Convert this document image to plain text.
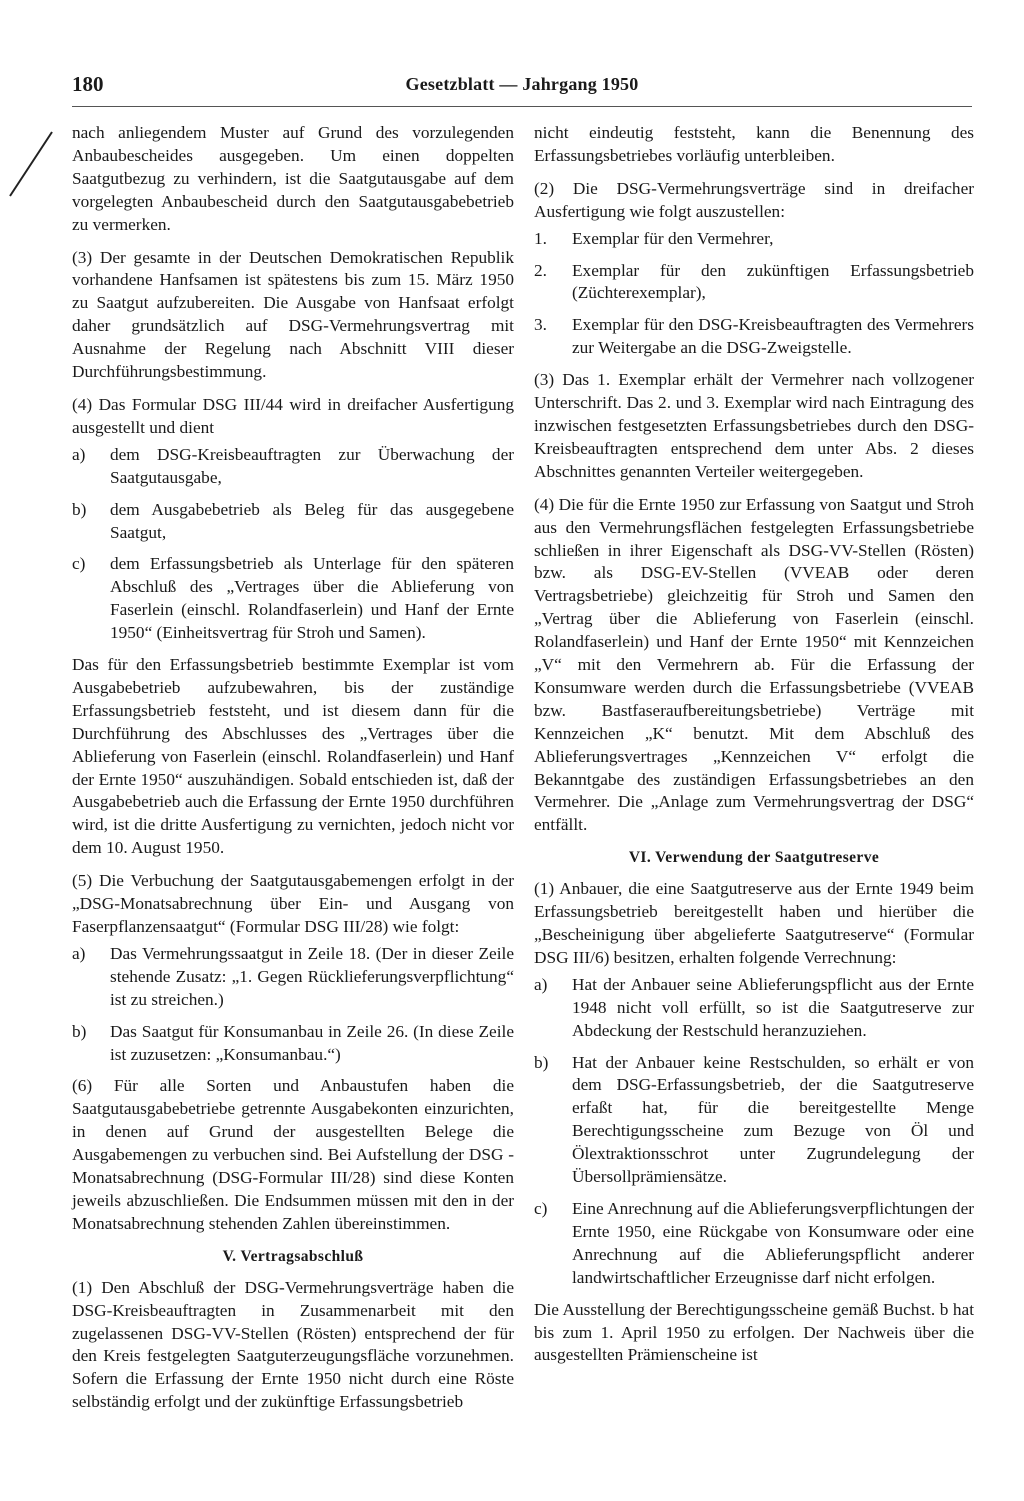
Gesetzblatt — Jahrgang 1950
180

nach anliegendem Muster auf Grund des vorzulegenden Anbaubescheides ausgegeben. Um einen doppelten Saatgutbezug zu verhindern, ist die Saatgutausgabe auf dem vorgelegten Anbaubescheid durch den Saatgutausgabebetrieb zu vermerken.

(3) Der gesamte in der Deutschen Demokratischen Republik vorhandene Hanfsamen ist spätestens bis zum 15. März 1950 zu Saatgut aufzubereiten. Die Ausgabe von Hanfsaat erfolgt daher grundsätzlich auf DSG-Vermehrungsvertrag mit Ausnahme der Regelung nach Abschnitt VIII dieser Durchführungsbestimmung.

(4) Das Formular DSG III/44 wird in dreifacher Ausfertigung ausgestellt und dient

a)	dem DSG-Kreisbeauftragten zur Überwachung der Saatgutausgabe,
b)	dem Ausgabebetrieb als Beleg für das ausgegebene Saatgut,
c)	dem Erfassungsbetrieb als Unterlage für den späteren Abschluß des „Vertrages über die Ablieferung von Faserlein (einschl. Rolandfaserlein) und Hanf der Ernte 1950“ (Einheitsvertrag für Stroh und Samen).

Das für den Erfassungsbetrieb bestimmte Exemplar ist vom Ausgabebetrieb aufzubewahren, bis der zuständige Erfassungsbetrieb feststeht, und ist diesem dann für die Durchführung des Abschlusses des „Vertrages über die Ablieferung von Faserlein (einschl. Rolandfaserlein) und Hanf der Ernte 1950“ auszuhändigen. Sobald entschieden ist, daß der Ausgabebetrieb auch die Erfassung der Ernte 1950 durchführen wird, ist die dritte Ausfertigung zu vernichten, jedoch nicht vor dem 10. August 1950.

(5) Die Verbuchung der Saatgutausgabemengen erfolgt in der „DSG-Monatsabrechnung über Ein- und Ausgang von Faserpflanzensaatgut“ (Formular DSG III/28) wie folgt:

a)	Das Vermehrungssaatgut in Zeile 18. (Der in dieser Zeile stehende Zusatz: „1. Gegen Rücklieferungsverpflichtung“ ist zu streichen.)
b)	Das Saatgut für Konsumanbau in Zeile 26. (In diese Zeile ist zuzusetzen: „Konsumanbau.“)

(6) Für alle Sorten und Anbaustufen haben die Saatgutausgabebetriebe getrennte Ausgabekonten einzurichten, in denen auf Grund der ausgestellten Belege die Ausgabemengen zu verbuchen sind. Bei Aufstellung der DSG - Monatsabrechnung (DSG-Formular III/28) sind diese Konten jeweils abzuschließen. Die Endsummen müssen mit den in der Monatsabrechnung stehenden Zahlen übereinstimmen.

V. Vertragsabschluß

(1) Den Abschluß der DSG-Vermehrungsverträge haben die DSG-Kreisbeauftragten in Zusammenarbeit mit den zugelassenen DSG-VV-Stellen (Rösten) entsprechend der für den Kreis festgelegten Saatguterzeugungsfläche vorzunehmen. Sofern die Erfassung der Ernte 1950 nicht durch eine Röste selbständig erfolgt und der zukünftige Erfassungsbetrieb

nicht eindeutig feststeht, kann die Benennung des Erfassungsbetriebes vorläufig unterbleiben.

(2) Die DSG-Vermehrungsverträge sind in dreifacher Ausfertigung wie folgt auszustellen:

1.	Exemplar für den Vermehrer,
2.	Exemplar für den zukünftigen Erfassungsbetrieb (Züchterexemplar),
3.	Exemplar für den DSG-Kreisbeauftragten des Vermehrers zur Weitergabe an die DSG-Zweigstelle.

(3) Das 1. Exemplar erhält der Vermehrer nach vollzogener Unterschrift. Das 2. und 3. Exemplar wird nach Eintragung des inzwischen festgesetzten Erfassungsbetriebes durch den DSG-Kreisbeauftragten entsprechend dem unter Abs. 2 dieses Abschnittes genannten Verteiler weitergegeben.

(4) Die für die Ernte 1950 zur Erfassung von Saatgut und Stroh aus den Vermehrungsflächen festgelegten Erfassungsbetriebe schließen in ihrer Eigenschaft als DSG-VV-Stellen (Rösten) bzw. als DSG-EV-Stellen (VVEAB oder deren Vertragsbetriebe) gleichzeitig für Stroh und Samen den „Vertrag über die Ablieferung von Faserlein (einschl. Rolandfaserlein) und Hanf der Ernte 1950“ mit Kennzeichen „V“ mit den Vermehrern ab. Für die Erfassung der Konsumware werden durch die Erfassungsbetriebe (VVEAB bzw. Bastfaseraufbereitungsbetriebe) Verträge mit Kennzeichen „K“ benutzt. Mit dem Abschluß des Ablieferungsvertrages „Kennzeichen V“ erfolgt die Bekanntgabe des zuständigen Erfassungsbetriebes an den Vermehrer. Die „Anlage zum Vermehrungsvertrag der DSG“ entfällt.

VI. Verwendung der Saatgutreserve

(1) Anbauer, die eine Saatgutreserve aus der Ernte 1949 beim Erfassungsbetrieb bereitgestellt haben und hierüber die „Bescheinigung über abgelieferte Saatgutreserve“ (Formular DSG III/6) besitzen, erhalten folgende Verrechnung:

a)	Hat der Anbauer seine Ablieferungspflicht aus der Ernte 1948 nicht voll erfüllt, so ist die Saatgutreserve zur Abdeckung der Restschuld heranzuziehen.
b)	Hat der Anbauer keine Restschulden, so erhält er von dem DSG-Erfassungsbetrieb, der die Saatgutreserve erfaßt hat, für die bereitgestellte Menge Berechtigungsscheine zum Bezuge von Öl und Ölextraktionsschrot unter Zugrundelegung der Übersollprämiensätze.
c)	Eine Anrechnung auf die Ablieferungsverpflichtungen der Ernte 1950, eine Rückgabe von Konsumware oder eine Anrechnung auf die Ablieferungspflicht anderer landwirtschaftlicher Erzeugnisse darf nicht erfolgen.

Die Ausstellung der Berechtigungsscheine gemäß Buchst. b hat bis zum 1. April 1950 zu erfolgen. Der Nachweis über die ausgestellten Prämienscheine ist
